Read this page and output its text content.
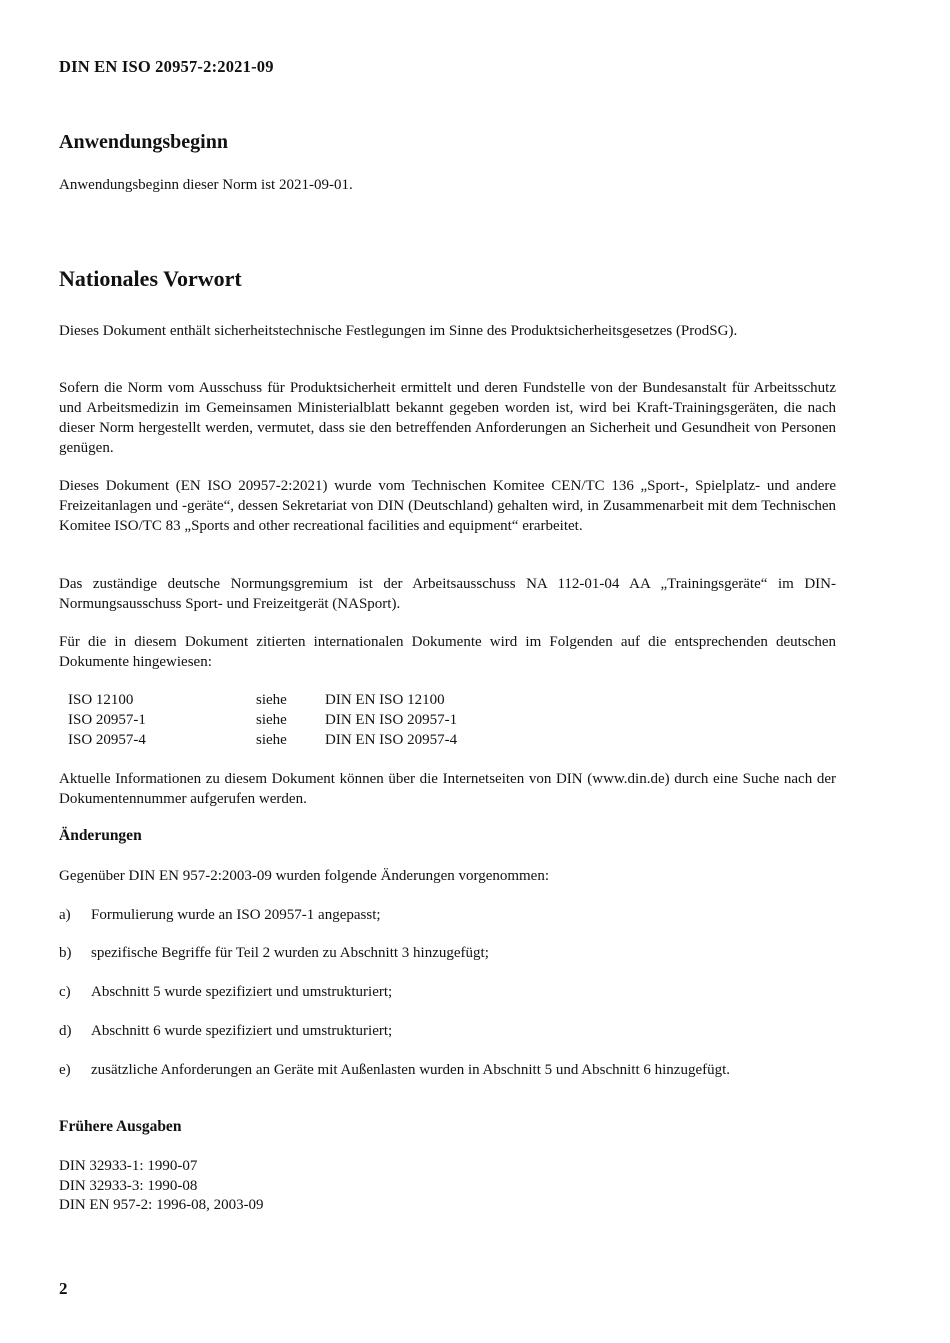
DIN EN ISO 20957-2:2021-09
Anwendungsbeginn
Anwendungsbeginn dieser Norm ist 2021-09-01.
Nationales Vorwort
Dieses Dokument enthält sicherheitstechnische Festlegungen im Sinne des Produktsicherheitsgesetzes (ProdSG).
Sofern die Norm vom Ausschuss für Produktsicherheit ermittelt und deren Fundstelle von der Bundesanstalt für Arbeitsschutz und Arbeitsmedizin im Gemeinsamen Ministerialblatt bekannt gegeben worden ist, wird bei Kraft-Trainingsgeräten, die nach dieser Norm hergestellt werden, vermutet, dass sie den betreffenden Anforderungen an Sicherheit und Gesundheit von Personen genügen.
Dieses Dokument (EN ISO 20957-2:2021) wurde vom Technischen Komitee CEN/TC 136 „Sport-, Spielplatz- und andere Freizeitanlagen und -geräte“, dessen Sekretariat von DIN (Deutschland) gehalten wird, in Zusammenarbeit mit dem Technischen Komitee ISO/TC 83 „Sports and other recreational facilities and equipment“ erarbeitet.
Das zuständige deutsche Normungsgremium ist der Arbeitsausschuss NA 112-01-04 AA „Trainingsgeräte“ im DIN-Normungsausschuss Sport- und Freizeitgerät (NASport).
Für die in diesem Dokument zitierten internationalen Dokumente wird im Folgenden auf die entsprechenden deutschen Dokumente hingewiesen:
ISO 12100	siehe	DIN EN ISO 12100
ISO 20957-1	siehe	DIN EN ISO 20957-1
ISO 20957-4	siehe	DIN EN ISO 20957-4
Aktuelle Informationen zu diesem Dokument können über die Internetseiten von DIN (www.din.de) durch eine Suche nach der Dokumentennummer aufgerufen werden.
Änderungen
Gegenüber DIN EN 957-2:2003-09 wurden folgende Änderungen vorgenommen:
a)	Formulierung wurde an ISO 20957-1 angepasst;
b)	spezifische Begriffe für Teil 2 wurden zu Abschnitt 3 hinzugefügt;
c)	Abschnitt 5 wurde spezifiziert und umstrukturiert;
d)	Abschnitt 6 wurde spezifiziert und umstrukturiert;
e)	zusätzliche Anforderungen an Geräte mit Außenlasten wurden in Abschnitt 5 und Abschnitt 6 hinzugefügt.
Frühere Ausgaben
DIN 32933-1: 1990-07
DIN 32933-3: 1990-08
DIN EN 957-2: 1996-08, 2003-09
2
